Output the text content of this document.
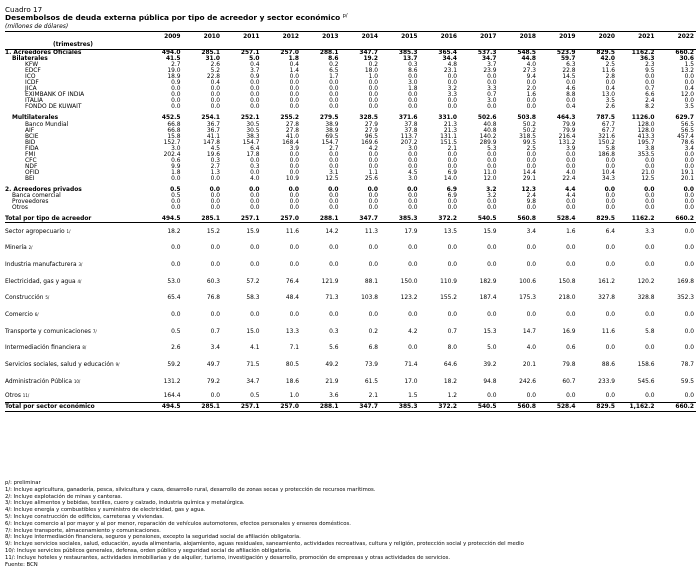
Cuadro 17
Desembolsos de deuda externa pública por tipo de acreedor y sector económico $^{p/}$
(millones de dólares)
	2009	2010	2011	2012	2013	2014	2015	2016	2017	2018	2019	2020	2021	2022	
(trimestres)															
1. Acreedores Oficiales	494.0	285.1	257.1	257.0	288.1	347.7	385.3	365.4	537.3	548.5	523.9	829.5	1162.2	660.2	
Bilaterales	41.5	31.0	5.0	1.8	8.6	19.2	13.7	34.4	34.7	44.8	59.7	42.0	36.3	30.6	
KFW	2.7	2.6	0.4	0.4	0.2	0.2	0.3	4.8	3.7	4.0	6.3	2.5	2.3	1.5	
EDCF	19.0	5.2	3.7	1.4	6.5	18.0	8.6	23.1	23.9	27.3	22.8	11.6	9.5	13.2	
ICO	18.9	22.8	0.9	0.0	1.7	1.0	0.0	0.0	0.0	9.4	14.5	2.8	0.0	0.0	
ICDF	0.9	0.4	0.0	0.0	0.0	0.0	3.0	0.0	0.0	0.0	0.0	0.0	0.0	0.0	
JICA	0.0	0.0	0.0	0.0	0.0	0.0	1.8	3.2	3.3	2.0	4.6	0.4	0.7	0.4	
EXIMBANK OF INDIA	0.0	0.0	0.0	0.0	0.0	0.0	0.0	3.3	0.7	1.6	8.8	13.0	6.6	12.0	
ITALIA	0.0	0.0	0.0	0.0	0.0	0.0	0.0	0.0	3.0	0.0	0.0	3.5	2.4	0.0	
FONDO DE KUWAIT	0.0	0.0	0.0	0.0	0.0	0.0	0.0	0.0	0.0	0.0	0.4	2.6	8.2	3.5	

Multilaterales	452.5	254.1	252.1	255.2	279.5	328.5	371.6	331.0	502.6	503.8	464.3	787.5	1126.0	629.7	
Banco Mundial	66.8	36.7	30.5	27.8	38.9	27.9	37.8	21.3	40.8	50.2	79.9	67.7	128.0	56.5	
AIF	66.8	36.7	30.5	27.8	38.9	27.9	37.8	21.3	40.8	50.2	79.9	67.7	128.0	56.5	
BCIE	15.8	41.1	38.3	41.0	69.5	96.5	113.7	131.1	140.2	318.5	216.4	321.6	413.3	457.4	
BID	152.7	147.8	154.7	168.4	154.7	169.6	207.2	151.5	289.9	99.5	131.2	150.2	195.7	78.6	
FIDA	3.0	4.5	6.4	3.9	2.7	4.2	3.0	2.1	5.3	2.5	3.9	5.8	3.8	3.4	
FMI	202.4	19.6	17.8	0.0	0.0	0.0	0.0	0.0	0.0	0.0	0.0	186.8	353.5	0.0	
CFC	0.6	0.3	0.0	0.0	0.0	0.0	0.0	0.0	0.0	0.0	0.0	0.0	0.0	0.0	
NDF	9.9	2.7	0.3	0.0	0.0	0.0	0.0	0.0	0.0	0.0	0.0	0.0	0.0	0.0	
OFID	1.8	1.3	0.0	0.0	3.1	1.1	4.5	6.9	11.0	14.4	4.0	10.4	21.0	19.1	
BEI	0.0	0.0	4.0	10.9	12.5	25.6	3.0	14.0	12.0	29.1	22.4	34.3	12.5	20.1	

2. Acreedores privados	0.5	0.0	0.0	0.0	0.0	0.0	0.0	6.9	3.2	12.3	4.4	0.0	0.0	0.0	
Banca comercial	0.5	0.0	0.0	0.0	0.0	0.0	0.0	6.9	3.2	2.4	4.4	0.0	0.0	0.0	
Proveedores	0.0	0.0	0.0	0.0	0.0	0.0	0.0	0.0	0.0	9.8	0.0	0.0	0.0	0.0	
Otros	0.0	0.0	0.0	0.0	0.0	0.0	0.0	0.0	0.0	0.0	0.0	0.0	0.0	0.0	

Total por tipo de acreedor	494.5	285.1	257.1	257.0	288.1	347.7	385.3	372.2	540.5	560.8	528.4	829.5	1162.2	660.2	
Sector agropecuario $^{1/}$	18.2	15.2	15.9	11.6	14.2	11.3	17.9	13.5	15.9	3.4	1.6	6.4	3.3	0.0	
Minería $^{2/}$	0.0	0.0	0.0	0.0	0.0	0.0	0.0	0.0	0.0	0.0	0.0	0.0	0.0	0.0	
Industria manufacturera $^{3/}$	0.0	0.0	0.0	0.0	0.0	0.0	0.0	0.0	0.0	0.0	0.0	0.0	0.0	0.0	
Electricidad, gas y agua $^{4/}$	53.0	60.3	57.2	76.4	121.9	88.1	150.0	110.9	182.9	100.6	150.8	161.2	120.2	169.8	
Construcción $^{5/}$	65.4	76.8	58.3	48.4	71.3	103.8	123.2	155.2	187.4	175.3	218.0	327.8	328.8	352.3	
Comercio $^{6/}$	0.0	0.0	0.0	0.0	0.0	0.0	0.0	0.0	0.0	0.0	0.0	0.0	0.0	0.0	
Transporte y comunicaciones $^{7/}$	0.5	0.7	15.0	13.3	0.3	0.2	4.2	0.7	15.3	14.7	16.9	11.6	5.8	0.0	
Intermediación financiera $^{8/}$	2.6	3.4	4.1	7.1	5.6	6.8	0.0	8.0	5.0	4.0	0.6	0.0	0.0	0.0	
Servicios sociales, salud y educación $^{9/}$	59.2	49.7	71.5	80.5	49.2	73.9	71.4	64.6	39.2	20.1	79.8	88.6	158.6	78.7	
Administración Pública $^{10/}$	131.2	79.2	34.7	18.6	21.9	61.5	17.0	18.2	94.8	242.6	60.7	233.9	545.6	59.5	
Otros $^{11/}$	164.4	0.0	0.5	1.0	3.6	2.1	1.5	1.2	0.0	0.0	0.0	0.0	0.0	0.0	
Total por sector económico	494.5	285.1	257.1	257.0	288.1	347.7	385.3	372.2	540.5	560.8	528.4	829.5	1,162.2	660.2	
p/: preliminar
1/: Incluye agricultura, ganadería, pesca, silvicultura y caza, desarrollo rural, desarrollo de zonas secas y protección de recursos marítimos.
2/: Incluye explotación de minas y canteras.
3/: Incluye alimentos y bebidas, textiles, cuero y calzado, industria química y metalúrgica.
4/: Incluye energía y combustibles y suministro de electricidad, gas y agua.
5/: Incluye construcción de edificios, carreteras y viviendas.
6/: Incluye comercio al por mayor y al por menor, reparación de vehículos automotores, efectos personales y enseres domésticos.
7/: Incluye transporte, almacenamiento y comunicaciones.
8/: Incluye intermediación financiera, seguros y pensiones, excepto la seguridad social de afiliación obligatoria.
9/: Incluye servicios sociales, salud, educación, ayuda alimentaria, alojamiento, aguas residuales, saneamiento, actividades recreativas, cultura y religión, protección social y protección del medio
10/: Incluye servicios públicos generales, defensa, orden público y seguridad social de afiliación obligatoria.
11/: Incluye hoteles y restaurantes, actividades inmobiliarias y de alquiler, turismo, investigación y desarrollo, promoción de empresas y otras actividades de servicios.
Fuente: BCN
